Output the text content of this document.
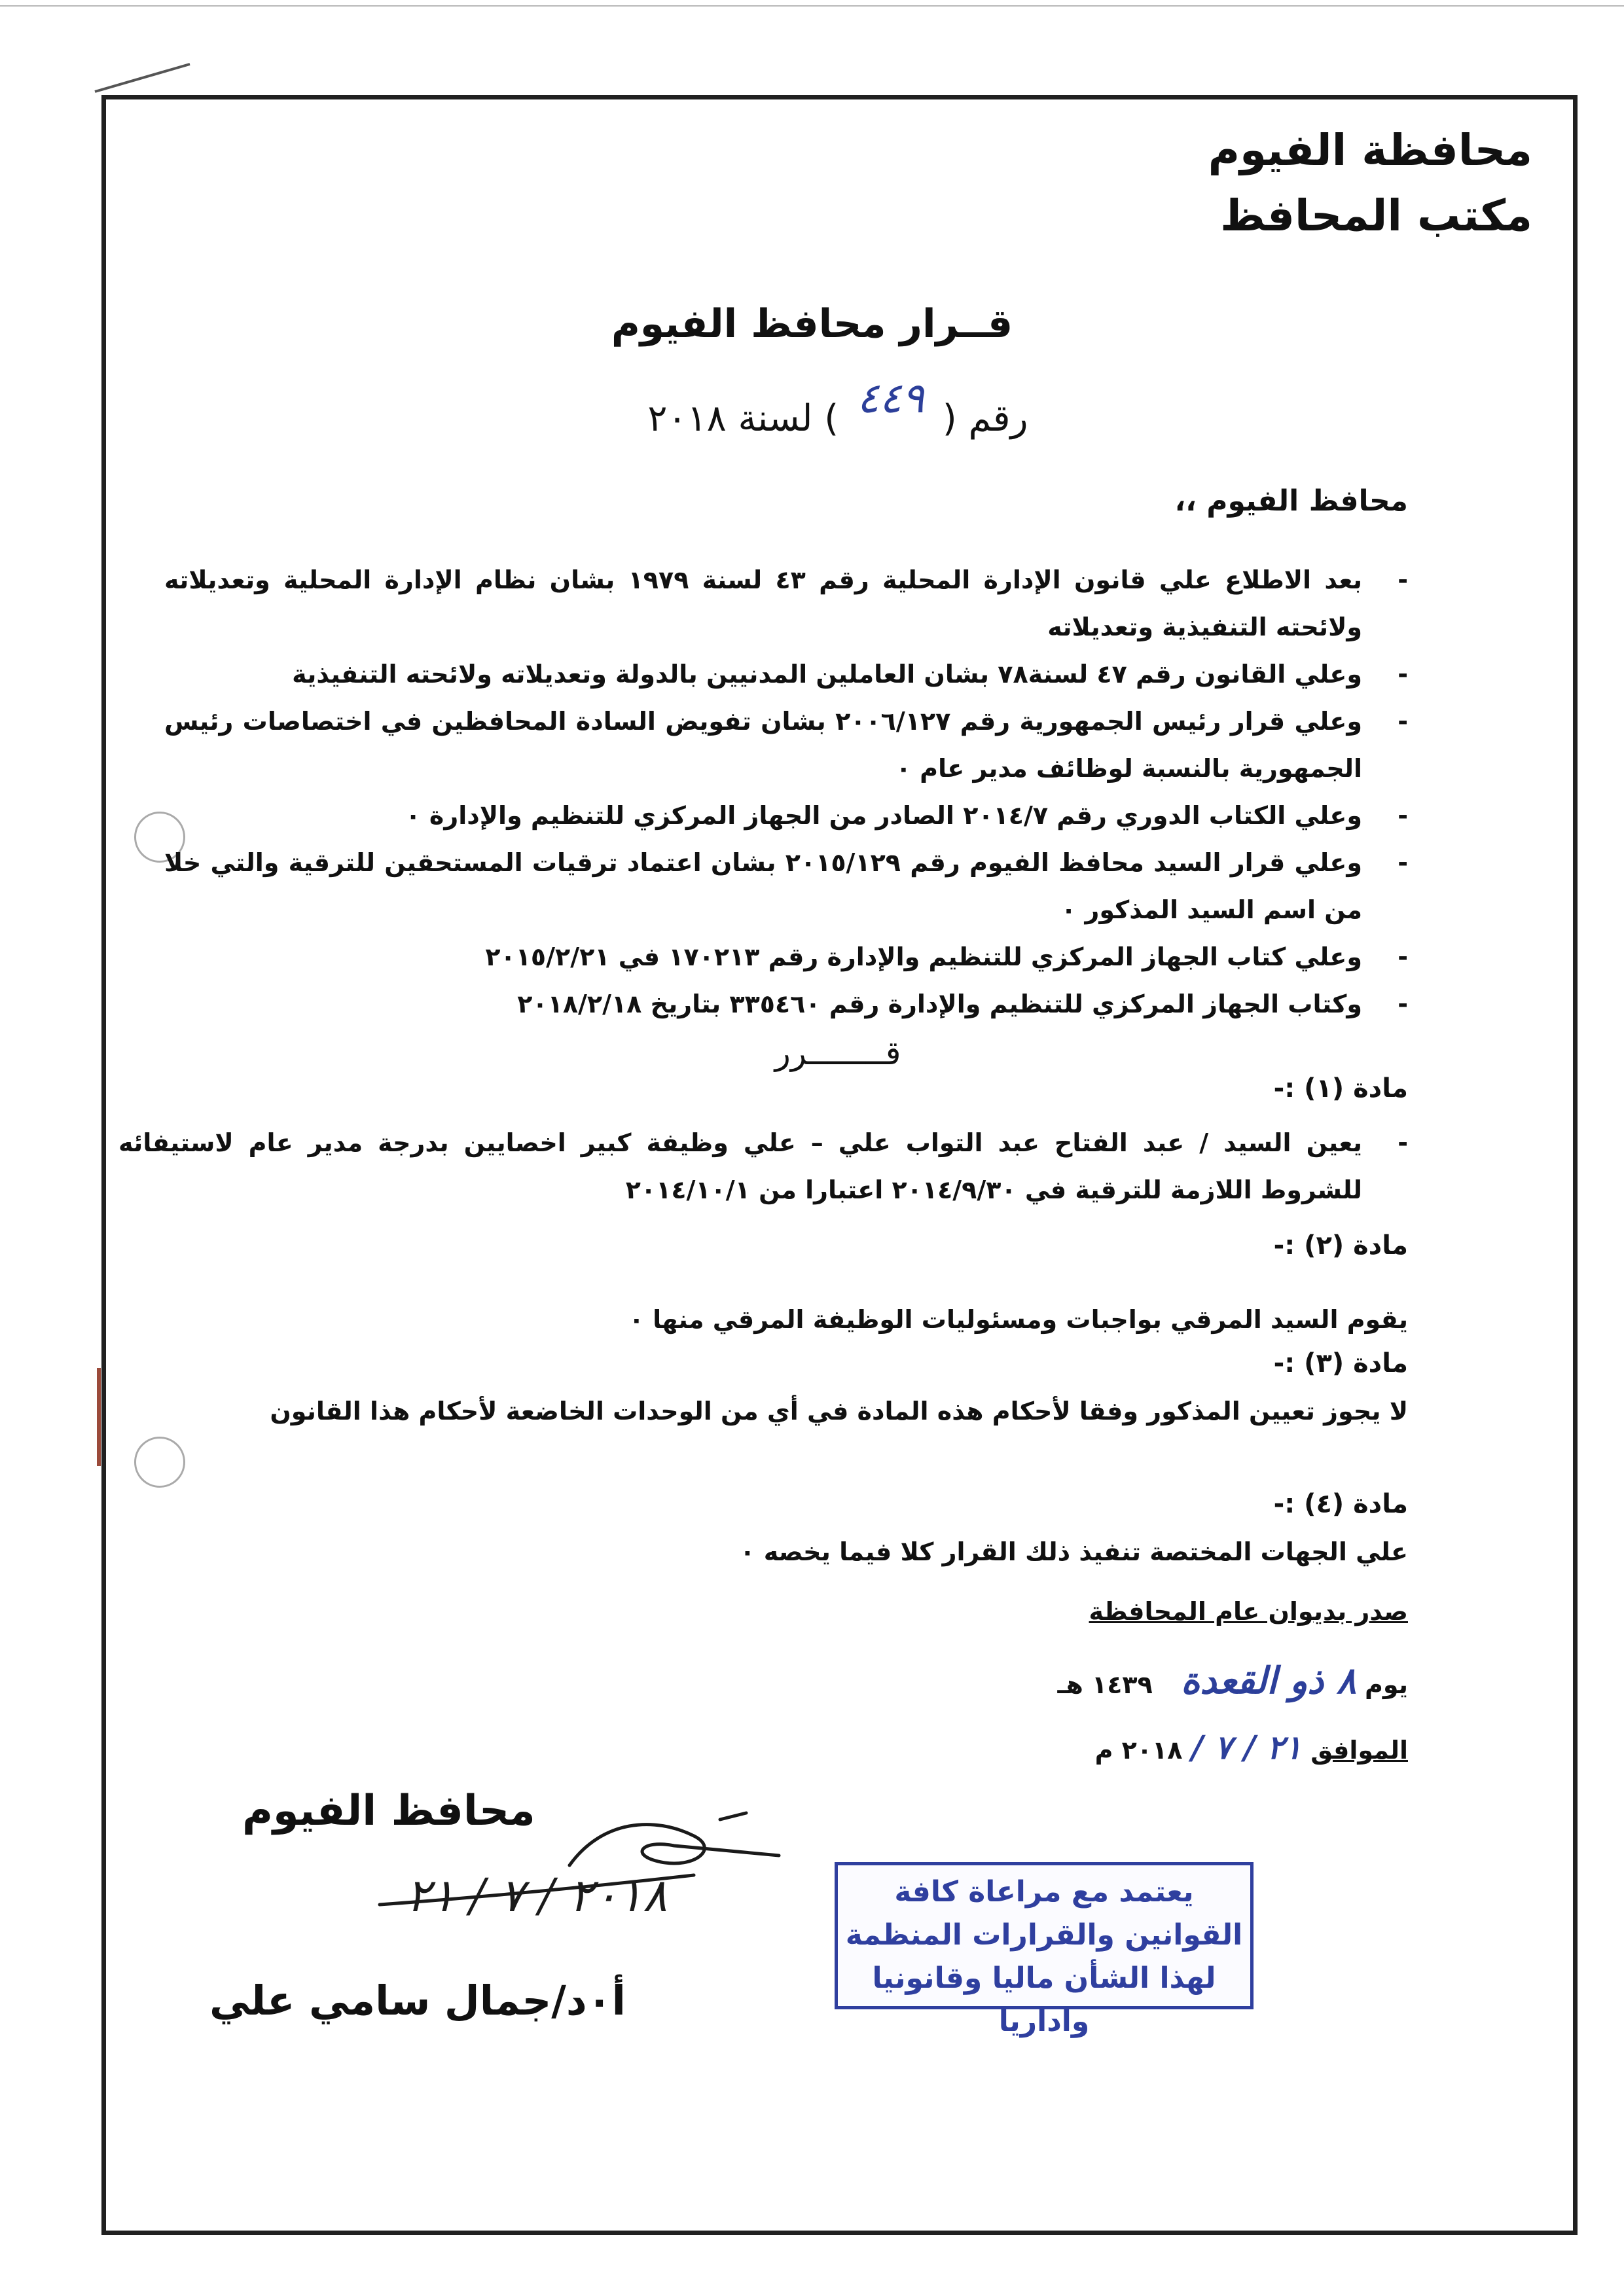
محافظة الفيوم
مكتب المحافظ
قــرار محافظ الفيوم
رقم ( ٤٤٩ ) لسنة ٢٠١٨
محافظ الفيوم ،،
- بعد الاطلاع علي قانون الإدارة المحلية رقم ٤٣ لسنة ١٩٧٩ بشان نظام الإدارة المحلية وتعديلاته ولائحته التنفيذية وتعديلاته
- وعلي القانون رقم ٤٧ لسنة٧٨ بشان العاملين المدنيين بالدولة وتعديلاته ولائحته التنفيذية
- وعلي قرار رئيس الجمهورية رقم ٢٠٠٦/١٢٧ بشان تفويض السادة المحافظين في اختصاصات رئيس الجمهورية بالنسبة لوظائف مدير عام ٠
- وعلي الكتاب الدوري رقم ٢٠١٤/٧ الصادر من الجهاز المركزي للتنظيم والإدارة ٠
- وعلي قرار السيد محافظ الفيوم رقم ٢٠١٥/١٢٩ بشان اعتماد ترقيات المستحقين للترقية والتي خلا من اسم السيد المذكور ٠
- وعلي كتاب الجهاز المركزي للتنظيم والإدارة رقم ١٧٠٢١٣ في ٢٠١٥/٢/٢١
- وكتاب الجهاز المركزي للتنظيم والإدارة رقم ٣٣٥٤٦٠ بتاريخ ٢٠١٨/٢/١٨
قــــــــرر
مادة (١) :-
- يعين السيد / عبد الفتاح عبد التواب علي – علي وظيفة كبير اخصايين بدرجة مدير عام لاستيفائه للشروط اللازمة للترقية في ٢٠١٤/٩/٣٠ اعتبارا من ٢٠١٤/١٠/١
مادة (٢) :-
يقوم السيد المرقي بواجبات ومسئوليات الوظيفة المرقي منها ٠
مادة (٣) :-
لا يجوز تعيين المذكور وفقا لأحكام هذه المادة في أي من الوحدات الخاضعة لأحكام هذا القانون
مادة (٤) :-
علي الجهات المختصة تنفيذ ذلك القرار كلا فيما يخصه ٠
صدر بديوان عام المحافظة
يوم ٨ ذو القعدة ١٤٣٩ هـ
الموافق ٢١ / ٧ / ٢٠١٨ م
محافظ الفيوم
٢٠١٨ / ٧ / ٢١
أ٠د/جمال سامي علي
يعتمد مع مراعاة كافة
القوانين والقرارات المنظمة
لهذا الشأن ماليا وقانونيا واداريا
